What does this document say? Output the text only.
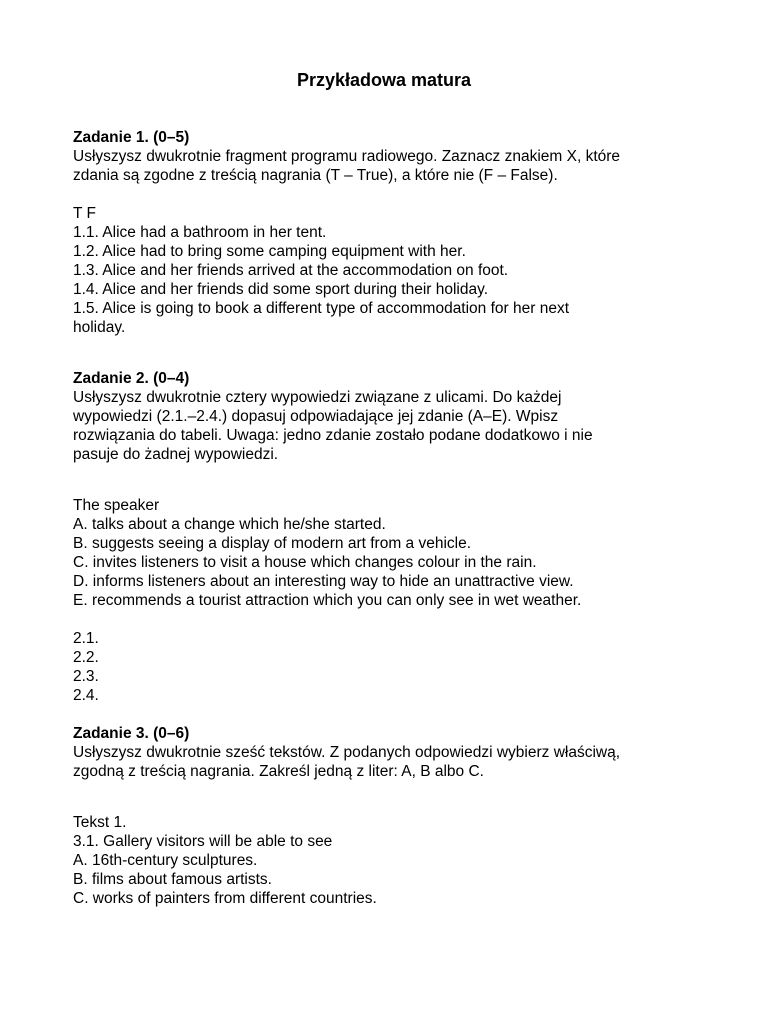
Przykładowa matura
Zadanie 1. (0–5)
Usłyszysz dwukrotnie fragment programu radiowego. Zaznacz znakiem X, które
zdania są zgodne z treścią nagrania (T – True), a które nie (F – False).
T F
1.1. Alice had a bathroom in her tent.
1.2. Alice had to bring some camping equipment with her.
1.3. Alice and her friends arrived at the accommodation on foot.
1.4. Alice and her friends did some sport during their holiday.
1.5. Alice is going to book a different type of accommodation for her next
holiday.
Zadanie 2. (0–4)
Usłyszysz dwukrotnie cztery wypowiedzi związane z ulicami. Do każdej
wypowiedzi (2.1.–2.4.) dopasuj odpowiadające jej zdanie (A–E). Wpisz
rozwiązania do tabeli. Uwaga: jedno zdanie zostało podane dodatkowo i nie
pasuje do żadnej wypowiedzi.
The speaker
A. talks about a change which he/she started.
B. suggests seeing a display of modern art from a vehicle.
C. invites listeners to visit a house which changes colour in the rain.
D. informs listeners about an interesting way to hide an unattractive view.
E. recommends a tourist attraction which you can only see in wet weather.
2.1.
2.2.
2.3.
2.4.
Zadanie 3. (0–6)
Usłyszysz dwukrotnie sześć tekstów. Z podanych odpowiedzi wybierz właściwą,
zgodną z treścią nagrania. Zakreśl jedną z liter: A, B albo C.
Tekst 1.
3.1. Gallery visitors will be able to see
A. 16th-century sculptures.
B. films about famous artists.
C. works of painters from different countries.
